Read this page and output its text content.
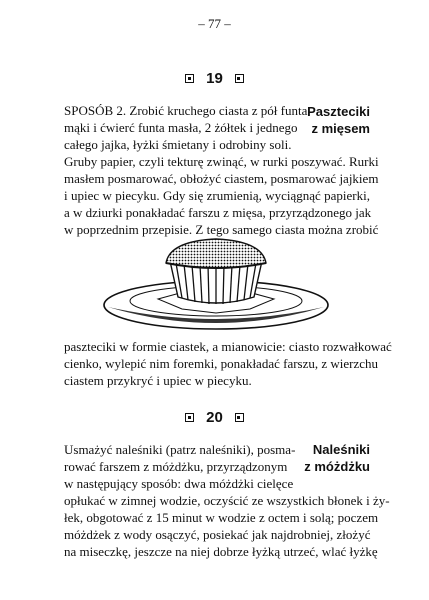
– 77 –
19
Paszteciki
z mięsem
SPOSÓB 2. Zrobić kruchego ciasta z pół funta
mąki i ćwierć funta masła, 2 żółtek i jednego
całego jajka, łyżki śmietany i odrobiny soli.
Gruby papier, czyli tekturę zwinąć, w rurki poszywać. Rurki
masłem posmarować, obłożyć ciastem, posmarować jajkiem
i upiec w piecyku. Gdy się zrumienią, wyciągnąć papierki,
a w dziurki ponakładać farszu z mięsa, przyrządzonego jak
w poprzednim przepisie. Z tego samego ciasta można zrobić
paszteciki w formie ciastek, a mianowicie: ciasto rozwałkować
cienko, wylepić nim foremki, ponakładać farszu, z wierzchu
ciastem przykryć i upiec w piecyku.
20
Naleśniki
z móżdżku
Usmażyć naleśniki (patrz naleśniki), posma-
rować farszem z móżdżku, przyrządzonym
w następujący sposób: dwa móżdżki cielęce
opłukać w zimnej wodzie, oczyścić ze wszystkich błonek i ży-
łek, obgotować z 15 minut w wodzie z octem i solą; poczem
móżdżek z wody osączyć, posiekać jak najdrobniej, złożyć
na miseczkę, jeszcze na niej dobrze łyżką utrzeć, wlać łyżkę
